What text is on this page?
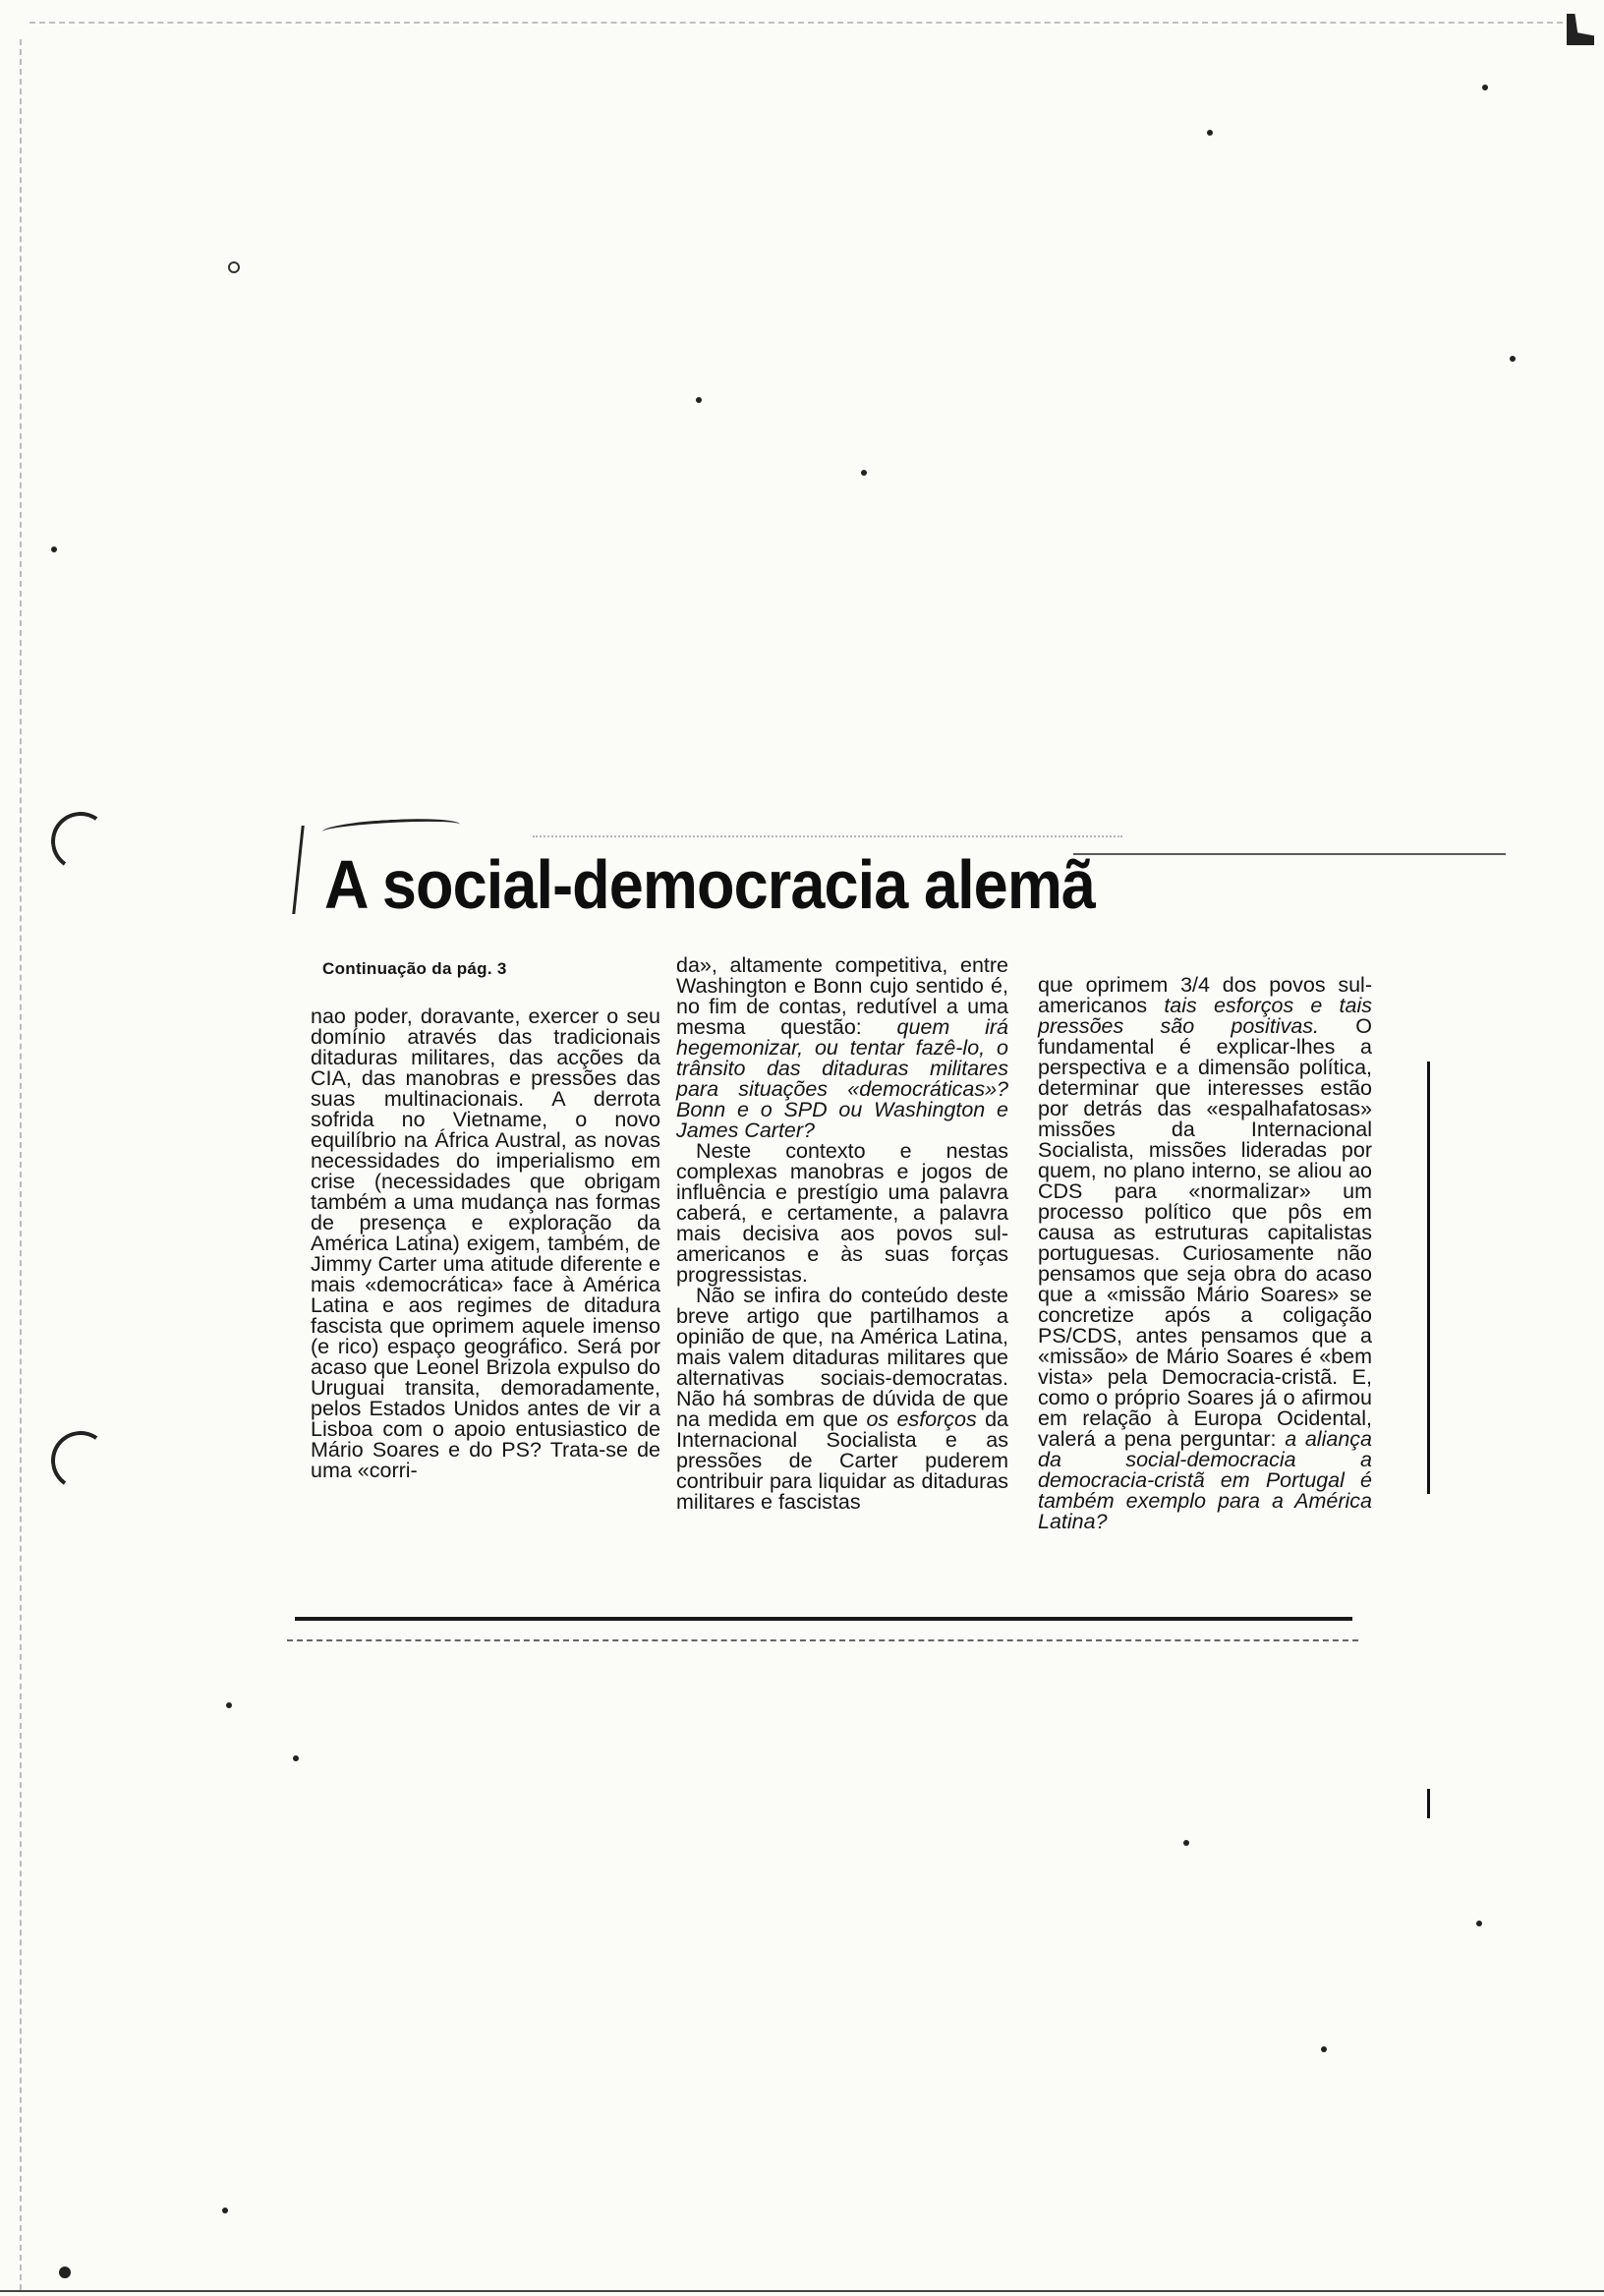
A social-democracia alemã
Continuação da pág. 3

nao poder, doravante, exercer o seu domínio através das tradicionais ditaduras militares, das acções da CIA, das manobras e pressões das suas multinacionais. A derrota sofrida no Vietname, o novo equilíbrio na África Austral, as novas necessidades do imperialismo em crise (necessidades que obrigam também a uma mudança nas formas de presença e exploração da América Latina) exigem, também, de Jimmy Carter uma atitude diferente e mais «democrática» face à América Latina e aos regimes de ditadura fascista que oprimem aquele imenso (e rico) espaço geográfico. Será por acaso que Leonel Brizola expulso do Uruguai transita, demoradamente, pelos Estados Unidos antes de vir a Lisboa com o apoio entusiastico de Mário Soares e do PS? Trata-se de uma «corri-

da», altamente competitiva, entre Washington e Bonn cujo sentido é, no fim de contas, redutível a uma mesma questão: quem irá hegemonizar, ou tentar fazê-lo, o trânsito das ditaduras militares para situações «democráticas»? Bonn e o SPD ou Washington e James Carter?

Neste contexto e nestas complexas manobras e jogos de influência e prestígio uma palavra caberá, e certamente, a palavra mais decisiva aos povos sul-americanos e às suas forças progressistas.

Não se infira do conteúdo deste breve artigo que partilhamos a opinião de que, na América Latina, mais valem ditaduras militares que alternativas sociais-democratas. Não há sombras de dúvida de que na medida em que os esforços da Internacional Socialista e as pressões de Carter puderem contribuir para liquidar as ditaduras militares e fascistas

que oprimem 3/4 dos povos sul-americanos tais esforços e tais pressões são positivas. O fundamental é explicar-lhes a perspectiva e a dimensão política, determinar que interesses estão por detrás das «espalhafatosas» missões da Internacional Socialista, missões lideradas por quem, no plano interno, se aliou ao CDS para «normalizar» um processo político que pôs em causa as estruturas capitalistas portuguesas. Curiosamente não pensamos que seja obra do acaso que a «missão Mário Soares» se concretize após a coligação PS/CDS, antes pensamos que a «missão» de Mário Soares é «bem vista» pela Democracia-cristã. E, como o próprio Soares já o afirmou em relação à Europa Ocidental, valerá a pena perguntar: a aliança da social-democracia a democracia-cristã em Portugal é também exemplo para a América Latina?
